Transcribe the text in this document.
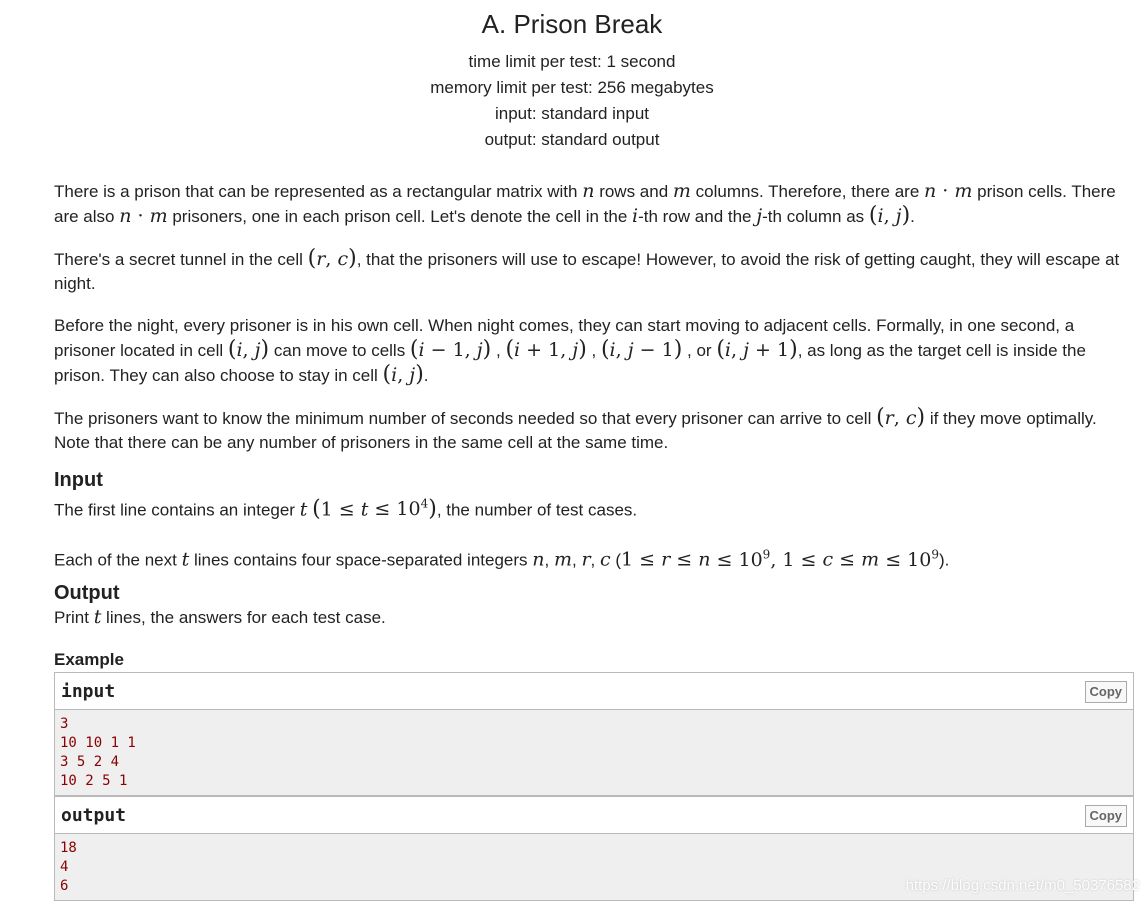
A. Prison Break
time limit per test: 1 second
memory limit per test: 256 megabytes
input: standard input
output: standard output

There is a prison that can be represented as a rectangular matrix with n rows and m columns. Therefore, there are n · m prison cells. There are also n · m prisoners, one in each prison cell. Let's denote the cell in the i-th row and the j-th column as (i, j).

There's a secret tunnel in the cell (r, c), that the prisoners will use to escape! However, to avoid the risk of getting caught, they will escape at night.

Before the night, every prisoner is in his own cell. When night comes, they can start moving to adjacent cells. Formally, in one second, a prisoner located in cell (i, j) can move to cells (i − 1, j) , (i + 1, j) , (i, j − 1) , or (i, j + 1), as long as the target cell is inside the prison. They can also choose to stay in cell (i, j).

The prisoners want to know the minimum number of seconds needed so that every prisoner can arrive to cell (r, c) if they move optimally. Note that there can be any number of prisoners in the same cell at the same time.

Input

The first line contains an integer t $(1 \le t \le 10^4)$, the number of test cases.

Each of the next t lines contains four space-separated integers n, m, r, c ($1 \le r \le n \le 10^9$, $1 \le c \le m \le 10^9$).

Output

Print t lines, the answers for each test case.

Example
input	Copy
3
10 10 1 1
3 5 2 4
10 2 5 1
output	Copy
18
4
6	https://blog.csdn.net/m0_50376582
